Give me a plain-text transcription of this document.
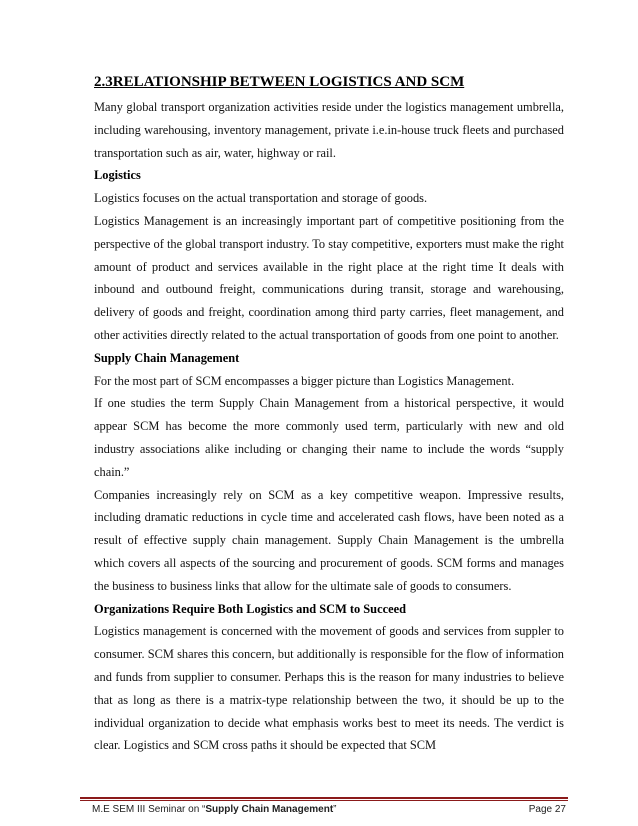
2.3RELATIONSHIP BETWEEN LOGISTICS AND SCM

Many global transport organization activities reside under the logistics management umbrella, including warehousing, inventory management, private i.e.in-house truck fleets and purchased transportation such as air, water, highway or rail.

Logistics

Logistics focuses on the actual transportation and storage of goods.

Logistics Management is an increasingly important part of competitive positioning from the perspective of the global transport industry. To stay competitive, exporters must make the right amount of product and services available in the right place at the right time It deals with inbound and outbound freight, communications during transit, storage and warehousing, delivery of goods and freight, coordination among third party carries, fleet management, and other activities directly related to the actual transportation of goods from one point to another.

Supply Chain Management

For the most part of SCM encompasses a bigger picture than Logistics Management.

If one studies the term Supply Chain Management from a historical perspective, it would appear SCM has become the more commonly used term, particularly with new and old industry associations alike including or changing their name to include the words “supply chain.”

Companies increasingly rely on SCM as a key competitive weapon. Impressive results, including dramatic reductions in cycle time and accelerated cash flows, have been noted as a result of effective supply chain management. Supply Chain Management is the umbrella which covers all aspects of the sourcing and procurement of goods. SCM forms and manages the business to business links that allow for the ultimate sale of goods to consumers.

Organizations Require Both Logistics and SCM to Succeed

Logistics management is concerned with the movement of goods and services from suppler to consumer. SCM shares this concern, but additionally is responsible for the flow of information and funds from supplier to consumer. Perhaps this is the reason for many industries to believe that as long as there is a matrix-type relationship between the two, it should be up to the individual organization to decide what emphasis works best to meet its needs. The verdict is clear. Logistics and SCM cross paths it should be expected that SCM

M.E SEM III Seminar on “Supply Chain Management”	Page 27
